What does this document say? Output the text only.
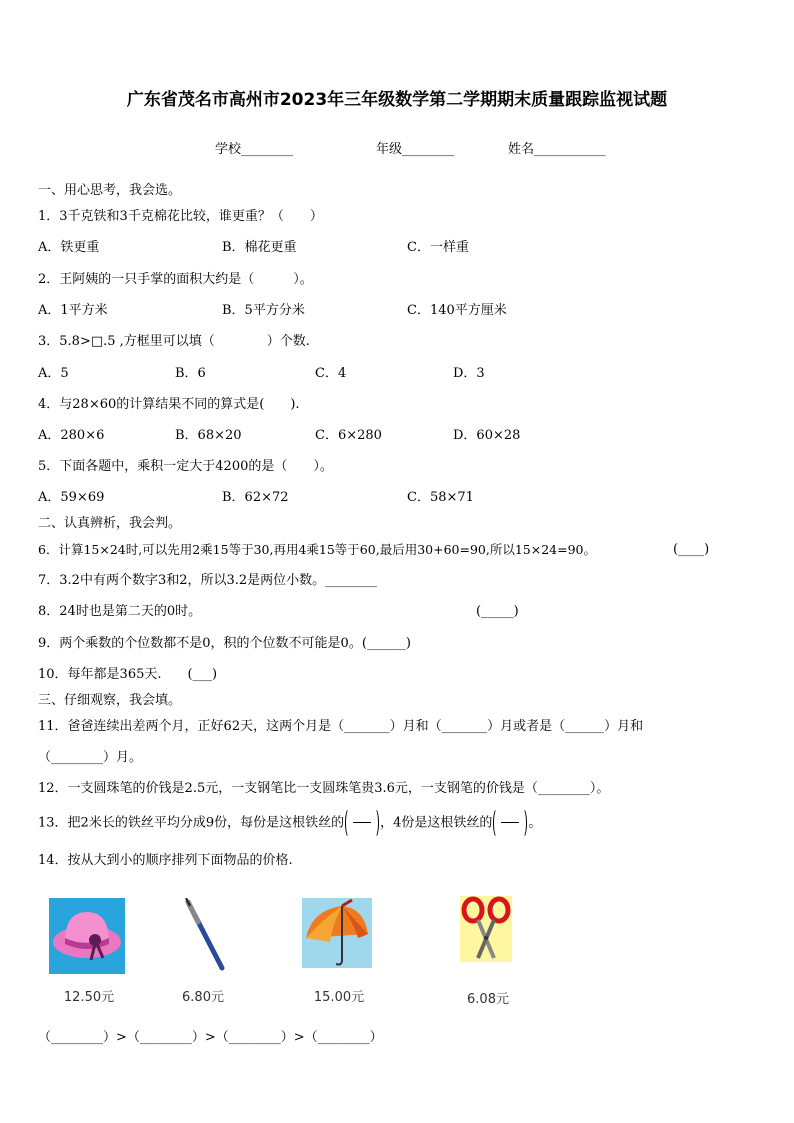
广东省茂名市高州市2023年三年级数学第二学期期末质量跟踪监视试题
学校________	年级________	姓名___________
一、用心思考，我会选。
1．3千克铁和3千克棉花比较，谁更重？（　　）
A．铁更重	B．棉花更重	C．一样重
2．王阿姨的一只手掌的面积大约是（　　　）。
A．1平方米	B．5平方分米	C．140平方厘米
3．5.8>□.5 ,方框里可以填（　　　　）个数.
A．5	B．6	C．4	D．3
4．与28×60的计算结果不同的算式是(　　).
A．280×6	B．68×20	C．6×280	D．60×28
5．下面各题中，乘积一定大于4200的是（　　）。
A．59×69	B．62×72	C．58×71
二、认真辨析，我会判。
6．计算15×24时,可以先用2乘15等于30,再用4乘15等于60,最后用30+60=90,所以15×24=90。	(____)
7．3.2中有两个数字3和2，所以3.2是两位小数。________
8．24时也是第二天的0时。	(_____)
9．两个乘数的个位数都不是0，积的个位数不可能是0。(______)
10．每年都是365天.　　(___)
三、仔细观察，我会填。
11．爸爸连续出差两个月，正好62天，这两个月是（_______）月和（_______）月或者是（______）月和
（________）月。
12．一支圆珠笔的价钱是2.5元，一支钢笔比一支圆珠笔贵3.6元，一支钢笔的价钱是（________）。
13．把2米长的铁丝平均分成9份，每份是这根铁丝的	，4份是这根铁丝的	。
14．按从大到小的顺序排列下面物品的价格.
12.50元	6.80元	15.00元	6.08元
（________）>（________）>（________）>（________）
